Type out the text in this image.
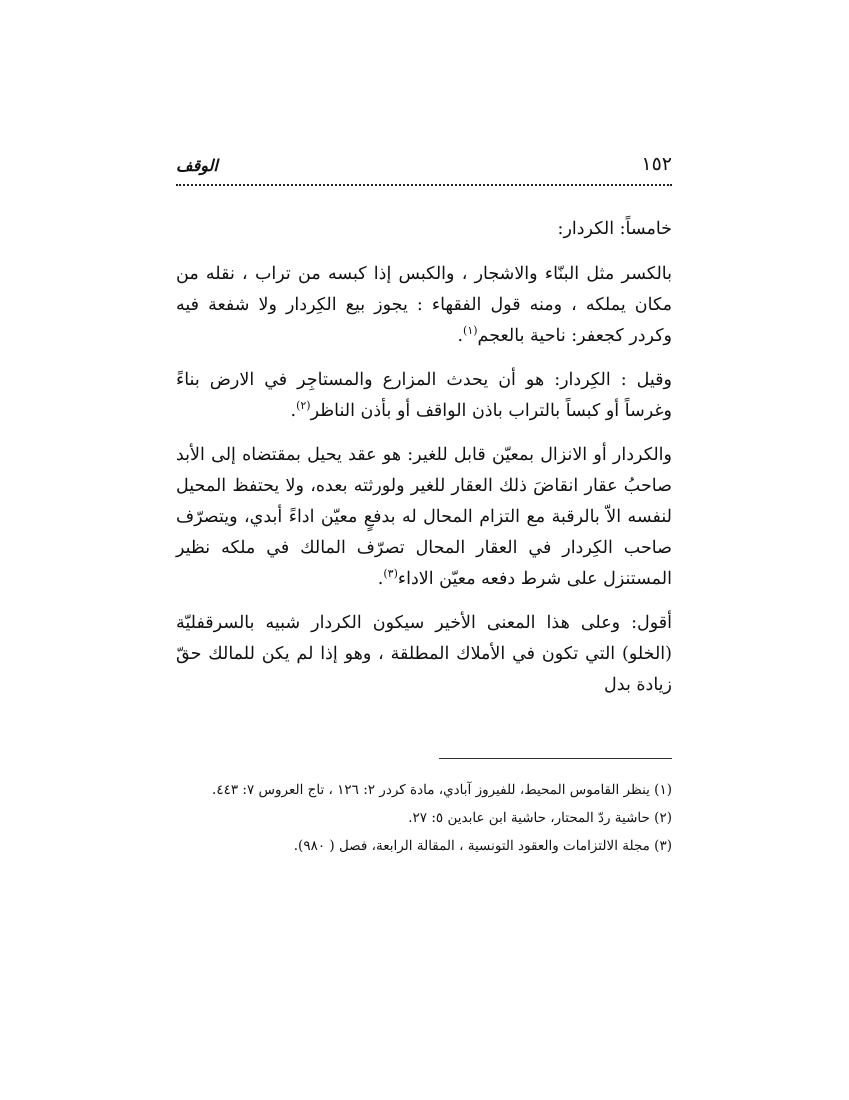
١٥٢
الوقف

خامساً: الكردار:

بالكسر مثل البنّاء والاشجار ، والكبس إذا كبسه من تراب ، نقله من مكان يملكه ، ومنه قول الفقهاء : يجوز بيع الكِردار ولا شفعة فيه وكردر كجعفر: ناحية بالعجم$^{(١)}$.

وقيل : الكِردار: هو أن يحدث المزارع والمستاجِر في الارض بناءً وغرساً أو كبساً بالتراب باذن الواقف أو بأذن الناظر$^{(٢)}$.

والكردار أو الانزال بمعيّن قابل للغير: هو عقد يحيل بمقتضاه إلى الأبد صاحبُ عقار انقاضَ ذلك العقار للغير ولورثته بعده، ولا يحتفظ المحيل لنفسه الاّ بالرقبة مع التزام المحال له بدفعٍ معيّن اداءً أبدي، ويتصرّف صاحب الكِردار في العقار المحال تصرّف المالك في ملكه نظير المستنزل على شرط دفعه معيّن الاداء$^{(٣)}$.

أقول: وعلى هذا المعنى الأخير سيكون الكردار شبيه بالسرقفليّة (الخلو) التي تكون في الأملاك المطلقة ، وهو إذا لم يكن للمالك حقّ زيادة بدل

(١) ينظر القاموس المحيط، للفيروز آبادي، مادة كردر ٢: ١٢٦ ، تاج العروس ٧: ٤٤٣.

(٢) حاشية ردّ المحتار، حاشية ابن عابدين ٥: ٢٧.

(٣) مجلة الالتزامات والعقود التونسية ، المقالة الرابعة، فصل ( ٩٨٠).
